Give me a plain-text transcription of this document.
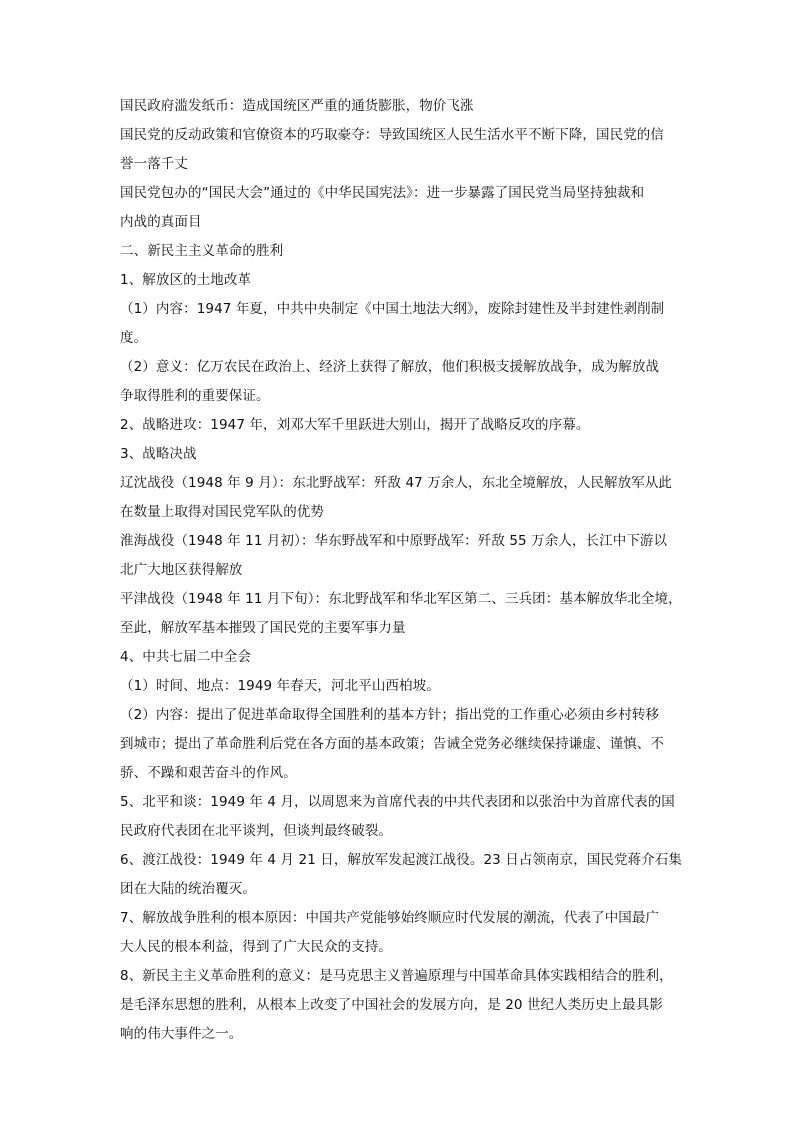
国民政府滥发纸币：造成国统区严重的通货膨胀，物价飞涨
国民党的反动政策和官僚资本的巧取豪夺：导致国统区人民生活水平不断下降，国民党的信
誉一落千丈
国民党包办的“国民大会”通过的《中华民国宪法》：进一步暴露了国民党当局坚持独裁和
内战的真面目
二、新民主主义革命的胜利
1、解放区的土地改革
（1）内容：1947 年夏，中共中央制定《中国土地法大纲》，废除封建性及半封建性剥削制
度。
（2）意义：亿万农民在政治上、经济上获得了解放，他们积极支援解放战争，成为解放战
争取得胜利的重要保证。
2、战略进攻：1947 年，刘邓大军千里跃进大别山，揭开了战略反攻的序幕。
3、战略决战
辽沈战役（1948 年 9 月）：东北野战军：歼敌 47 万余人，东北全境解放，人民解放军从此
在数量上取得对国民党军队的优势
淮海战役（1948 年 11 月初）：华东野战军和中原野战军：歼敌 55 万余人，长江中下游以
北广大地区获得解放
平津战役（1948 年 11 月下旬）：东北野战军和华北军区第二、三兵团：基本解放华北全境，
至此，解放军基本摧毁了国民党的主要军事力量
4、中共七届二中全会
（1）时间、地点：1949 年春天，河北平山西柏坡。
（2）内容：提出了促进革命取得全国胜利的基本方针；指出党的工作重心必须由乡村转移
到城市；提出了革命胜利后党在各方面的基本政策；告诫全党务必继续保持谦虚、谨慎、不
骄、不躁和艰苦奋斗的作风。
5、北平和谈：1949 年 4 月，以周恩来为首席代表的中共代表团和以张治中为首席代表的国
民政府代表团在北平谈判，但谈判最终破裂。
6、渡江战役：1949 年 4 月 21 日，解放军发起渡江战役。23 日占领南京，国民党蒋介石集
团在大陆的统治覆灭。
7、解放战争胜利的根本原因：中国共产党能够始终顺应时代发展的潮流，代表了中国最广
大人民的根本利益，得到了广大民众的支持。
8、新民主主义革命胜利的意义：是马克思主义普遍原理与中国革命具体实践相结合的胜利，
是毛泽东思想的胜利，从根本上改变了中国社会的发展方向，是 20 世纪人类历史上最具影
响的伟大事件之一。
